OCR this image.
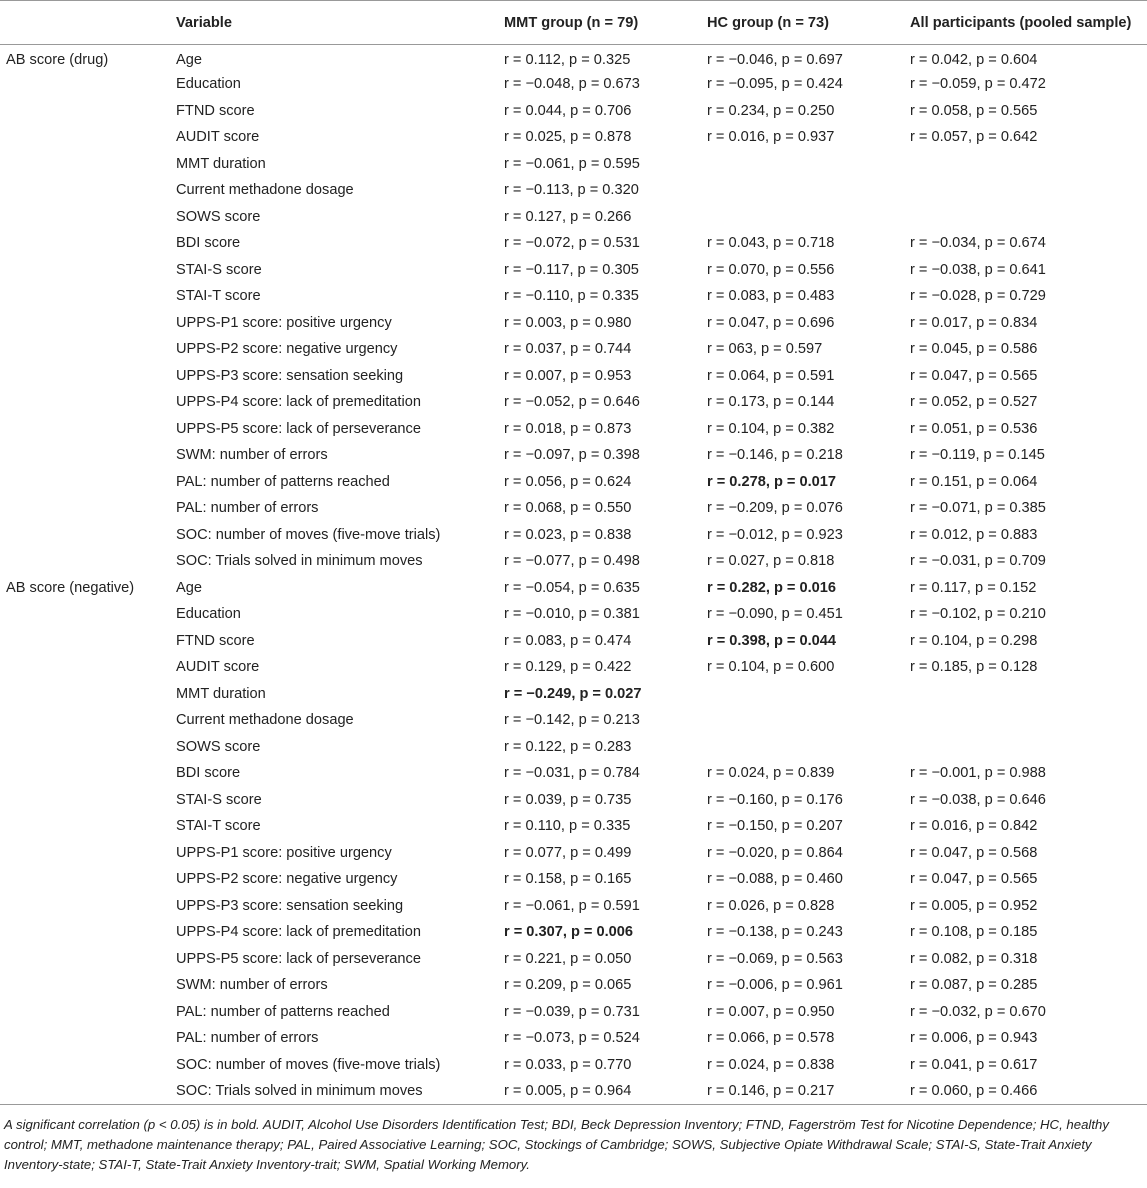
	Variable	MMT group (n = 79)	HC group (n = 73)	All participants (pooled sample)
AB score (drug)	Age	r = 0.112, p = 0.325	r = −0.046, p = 0.697	r = 0.042, p = 0.604
	Education	r = −0.048, p = 0.673	r = −0.095, p = 0.424	r = −0.059, p = 0.472
	FTND score	r = 0.044, p = 0.706	r = 0.234, p = 0.250	r = 0.058, p = 0.565
	AUDIT score	r = 0.025, p = 0.878	r = 0.016, p = 0.937	r = 0.057, p = 0.642
	MMT duration	r = −0.061, p = 0.595		
	Current methadone dosage	r = −0.113, p = 0.320		
	SOWS score	r = 0.127, p = 0.266		
	BDI score	r = −0.072, p = 0.531	r = 0.043, p = 0.718	r = −0.034, p = 0.674
	STAI-S score	r = −0.117, p = 0.305	r = 0.070, p = 0.556	r = −0.038, p = 0.641
	STAI-T score	r = −0.110, p = 0.335	r = 0.083, p = 0.483	r = −0.028, p = 0.729
	UPPS-P1 score: positive urgency	r = 0.003, p = 0.980	r = 0.047, p = 0.696	r = 0.017, p = 0.834
	UPPS-P2 score: negative urgency	r = 0.037, p = 0.744	r = 063, p = 0.597	r = 0.045, p = 0.586
	UPPS-P3 score: sensation seeking	r = 0.007, p = 0.953	r = 0.064, p = 0.591	r = 0.047, p = 0.565
	UPPS-P4 score: lack of premeditation	r = −0.052, p = 0.646	r = 0.173, p = 0.144	r = 0.052, p = 0.527
	UPPS-P5 score: lack of perseverance	r = 0.018, p = 0.873	r = 0.104, p = 0.382	r = 0.051, p = 0.536
	SWM: number of errors	r = −0.097, p = 0.398	r = −0.146, p = 0.218	r = −0.119, p = 0.145
	PAL: number of patterns reached	r = 0.056, p = 0.624	r = 0.278, p = 0.017	r = 0.151, p = 0.064
	PAL: number of errors	r = 0.068, p = 0.550	r = −0.209, p = 0.076	r = −0.071, p = 0.385
	SOC: number of moves (five-move trials)	r = 0.023, p = 0.838	r = −0.012, p = 0.923	r = 0.012, p = 0.883
	SOC: Trials solved in minimum moves	r = −0.077, p = 0.498	r = 0.027, p = 0.818	r = −0.031, p = 0.709
AB score (negative)	Age	r = −0.054, p = 0.635	r = 0.282, p = 0.016	r = 0.117, p = 0.152
	Education	r = −0.010, p = 0.381	r = −0.090, p = 0.451	r = −0.102, p = 0.210
	FTND score	r = 0.083, p = 0.474	r = 0.398, p = 0.044	r = 0.104, p = 0.298
	AUDIT score	r = 0.129, p = 0.422	r = 0.104, p = 0.600	r = 0.185, p = 0.128
	MMT duration	r = −0.249, p = 0.027		
	Current methadone dosage	r = −0.142, p = 0.213		
	SOWS score	r = 0.122, p = 0.283		
	BDI score	r = −0.031, p = 0.784	r = 0.024, p = 0.839	r = −0.001, p = 0.988
	STAI-S score	r = 0.039, p = 0.735	r = −0.160, p = 0.176	r = −0.038, p = 0.646
	STAI-T score	r = 0.110, p = 0.335	r = −0.150, p = 0.207	r = 0.016, p = 0.842
	UPPS-P1 score: positive urgency	r = 0.077, p = 0.499	r = −0.020, p = 0.864	r = 0.047, p = 0.568
	UPPS-P2 score: negative urgency	r = 0.158, p = 0.165	r = −0.088, p = 0.460	r = 0.047, p = 0.565
	UPPS-P3 score: sensation seeking	r = −0.061, p = 0.591	r = 0.026, p = 0.828	r = 0.005, p = 0.952
	UPPS-P4 score: lack of premeditation	r = 0.307, p = 0.006	r = −0.138, p = 0.243	r = 0.108, p = 0.185
	UPPS-P5 score: lack of perseverance	r = 0.221, p = 0.050	r = −0.069, p = 0.563	r = 0.082, p = 0.318
	SWM: number of errors	r = 0.209, p = 0.065	r = −0.006, p = 0.961	r = 0.087, p = 0.285
	PAL: number of patterns reached	r = −0.039, p = 0.731	r = 0.007, p = 0.950	r = −0.032, p = 0.670
	PAL: number of errors	r = −0.073, p = 0.524	r = 0.066, p = 0.578	r = 0.006, p = 0.943
	SOC: number of moves (five-move trials)	r = 0.033, p = 0.770	r = 0.024, p = 0.838	r = 0.041, p = 0.617
	SOC: Trials solved in minimum moves	r = 0.005, p = 0.964	r = 0.146, p = 0.217	r = 0.060, p = 0.466
A significant correlation (p < 0.05) is in bold. AUDIT, Alcohol Use Disorders Identification Test; BDI, Beck Depression Inventory; FTND, Fagerström Test for Nicotine Dependence; HC, healthy control; MMT, methadone maintenance therapy; PAL, Paired Associative Learning; SOC, Stockings of Cambridge; SOWS, Subjective Opiate Withdrawal Scale; STAI-S, State-Trait Anxiety Inventory-state; STAI-T, State-Trait Anxiety Inventory-trait; SWM, Spatial Working Memory.
